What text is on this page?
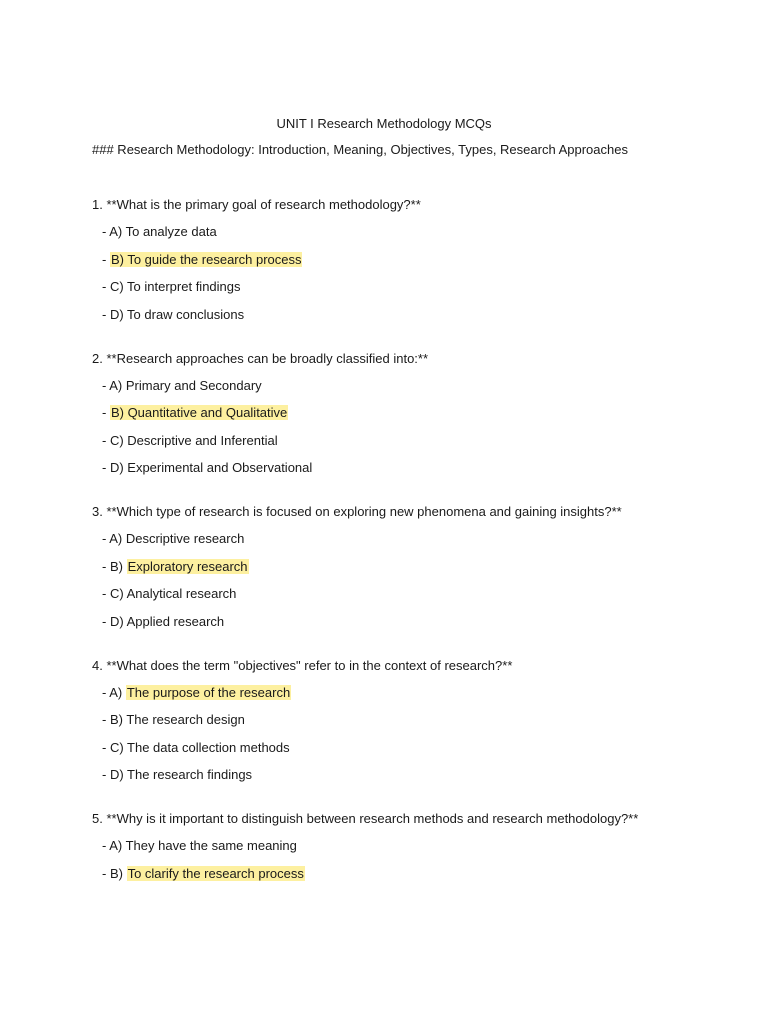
UNIT I Research Methodology MCQs
### Research Methodology: Introduction, Meaning, Objectives, Types, Research Approaches
1. **What is the primary goal of research methodology?**
- A) To analyze data
- B) To guide the research process
- C) To interpret findings
- D) To draw conclusions
2. **Research approaches can be broadly classified into:**
- A) Primary and Secondary
- B) Quantitative and Qualitative
- C) Descriptive and Inferential
- D) Experimental and Observational
3. **Which type of research is focused on exploring new phenomena and gaining insights?**
- A) Descriptive research
- B) Exploratory research
- C) Analytical research
- D) Applied research
4. **What does the term "objectives" refer to in the context of research?**
- A) The purpose of the research
- B) The research design
- C) The data collection methods
- D) The research findings
5. **Why is it important to distinguish between research methods and research methodology?**
- A) They have the same meaning
- B) To clarify the research process
